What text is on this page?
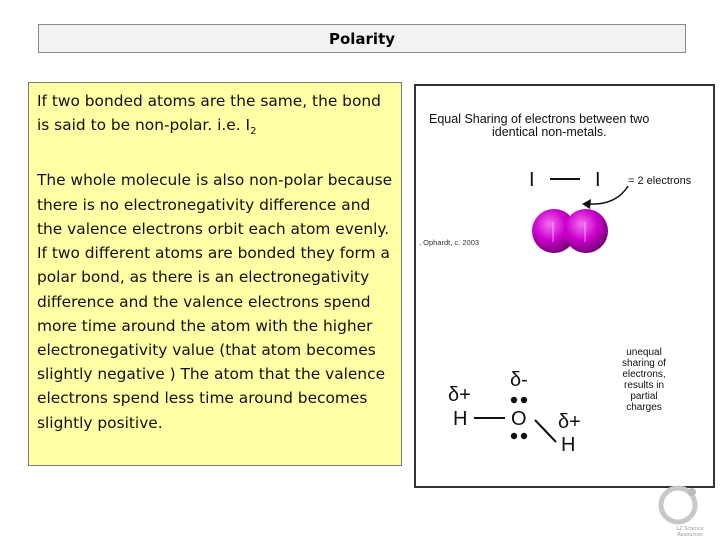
Polarity

If two bonded atoms are the same, the bond is said to be non-polar. i.e. $I_2$

The whole molecule is also non-polar because there is no electronegativity difference and the valence electrons orbit each atom evenly. If two different atoms are bonded they form a polar bond, as there is an electronegativity difference and the valence electrons spend more time around the atom with the higher electronegativity value (that atom becomes slightly negative ) The atom that the valence electrons spend less time around becomes slightly positive.

Equal Sharing of electrons between two
identical non-metals.
I	I = 2 electrons
, Ophardt, c. 2003
unequal
sharing of
electrons,
results in
partial
charges
δ-
δ+
H O δ+
H
LZ Science
Resources
